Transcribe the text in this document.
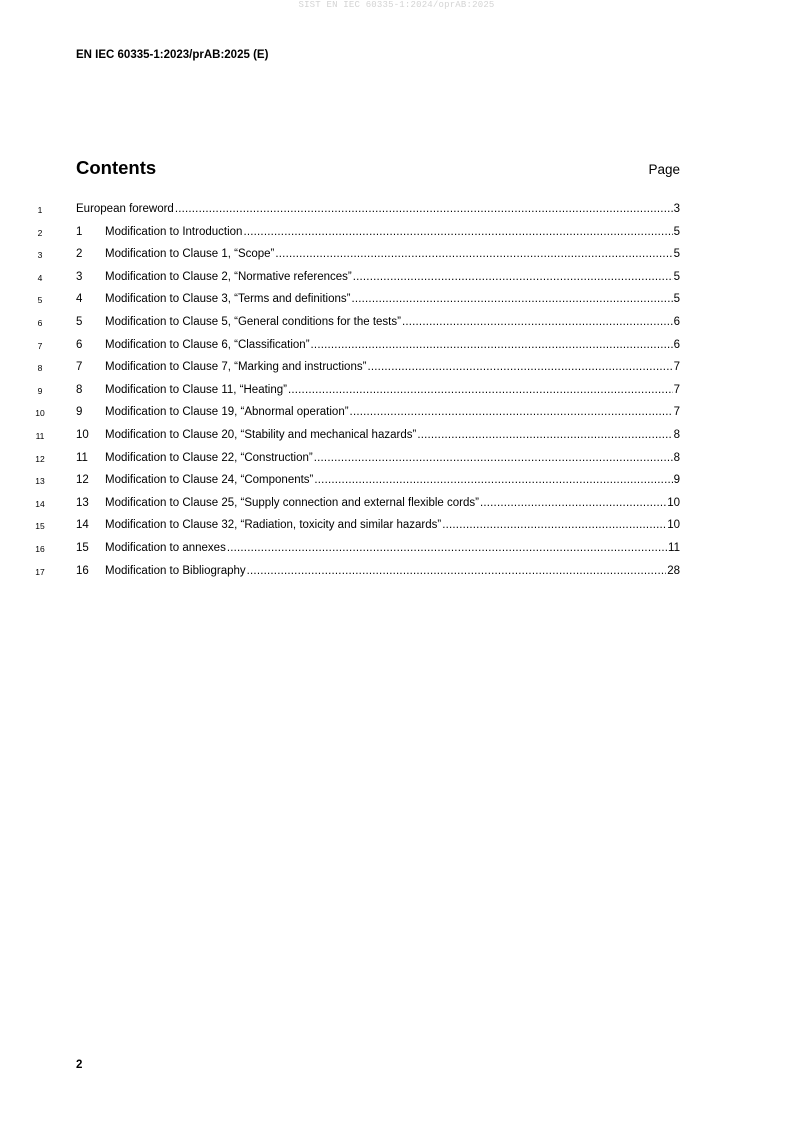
SIST EN IEC 60335-1:2024/oprAB:2025
EN IEC 60335-1:2023/prAB:2025 (E)
Contents	Page
1	European foreword .....	3
2	1	Modification to Introduction .....	5
3	2	Modification to Clause 1, “Scope” .....	5
4	3	Modification to Clause 2, “Normative references” .....	5
5	4	Modification to Clause 3, “Terms and definitions” .....	5
6	5	Modification to Clause 5, “General conditions for the tests” .....	6
7	6	Modification to Clause 6, “Classification” .....	6
8	7	Modification to Clause 7, “Marking and instructions” .....	7
9	8	Modification to Clause 11, “Heating” .....	7
10	9	Modification to Clause 19, “Abnormal operation” .....	7
11	10	Modification to Clause 20, “Stability and mechanical hazards” .....	8
12	11	Modification to Clause 22, “Construction” .....	8
13	12	Modification to Clause 24, “Components” .....	9
14	13	Modification to Clause 25, “Supply connection and external flexible cords” .....	10
15	14	Modification to Clause 32, “Radiation, toxicity and similar hazards” .....	10
16	15	Modification to annexes .....	11
17	16	Modification to Bibliography .....	28
2
